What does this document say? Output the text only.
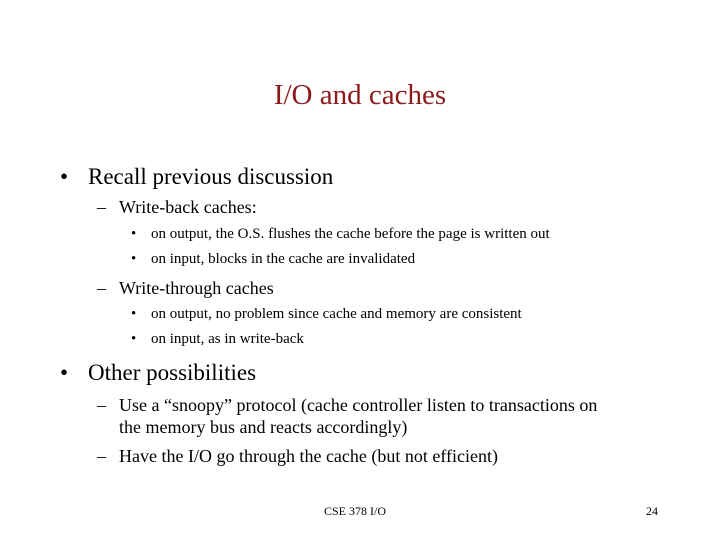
I/O and caches
• Recall previous discussion
– Write-back caches:
• on output, the O.S. flushes the cache before the page is written out
• on input, blocks in the cache are invalidated
– Write-through caches
• on output, no problem since cache and memory are consistent
• on input, as in write-back
• Other possibilities
– Use a “snoopy” protocol (cache controller listen to transactions on
the memory bus and reacts accordingly)
– Have the I/O go through the cache (but not efficient)
CSE 378 I/O	24
